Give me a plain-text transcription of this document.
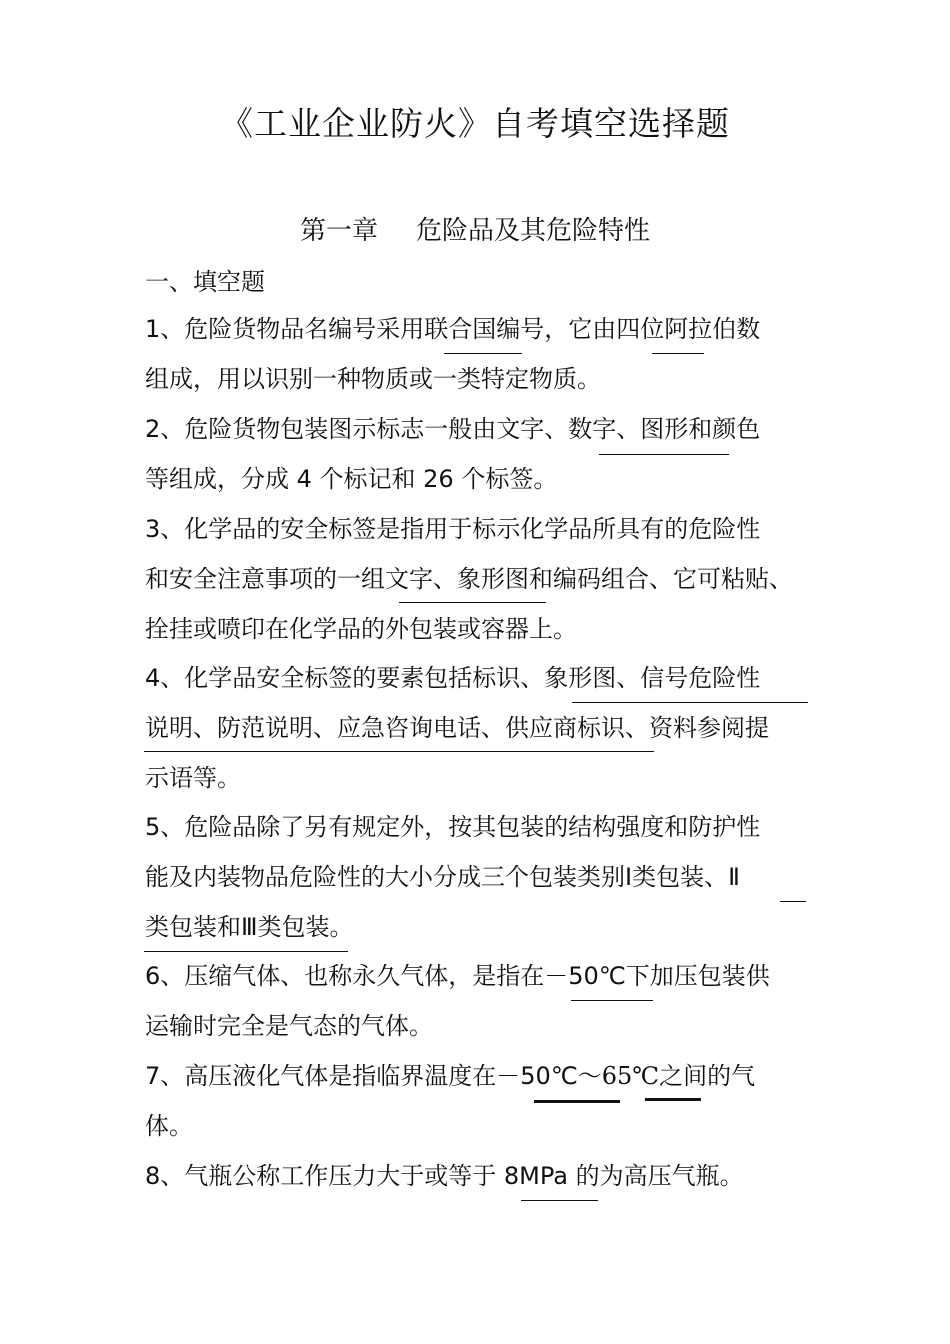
《工业企业防火》自考填空选择题
第一章 危险品及其危险特性
一、填空题
1、危险货物品名编号采用联合国编号，它由四位阿拉伯数
组成，用以识别一种物质或一类特定物质。
2、危险货物包装图示标志一般由文字、数字、图形和颜色
等组成，分成 4 个标记和 26 个标签。
3、化学品的安全标签是指用于标示化学品所具有的危险性
和安全注意事项的一组文字、象形图和编码组合、它可粘贴、
拴挂或喷印在化学品的外包装或容器上。
4、化学品安全标签的要素包括标识、象形图、信号危险性
说明、防范说明、应急咨询电话、供应商标识、资料参阅提
示语等。
5、危险品除了另有规定外，按其包装的结构强度和防护性
能及内装物品危险性的大小分成三个包装类别Ⅰ类包装、Ⅱ
类包装和Ⅲ类包装。
6、压缩气体、也称永久气体，是指在－50℃下加压包装供
运输时完全是气态的气体。
7、高压液化气体是指临界温度在－50℃～65℃之间的气
体。
8、气瓶公称工作压力大于或等于 8MPa 的为高压气瓶。
